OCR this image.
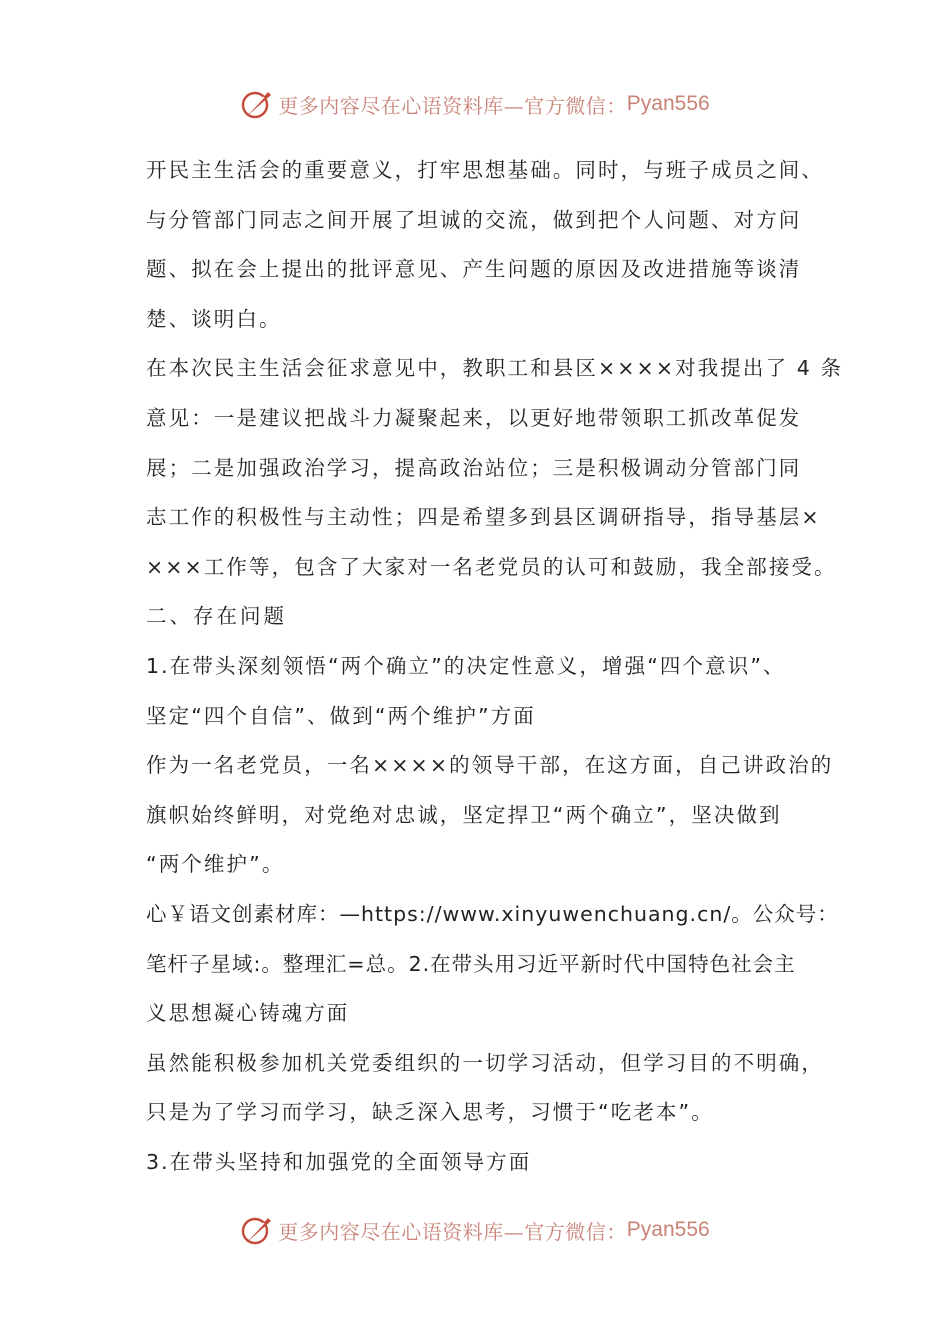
更多内容尽在心语资料库—官方微信： Pyan556
开民主生活会的重要意义，打牢思想基础。同时，与班子成员之间、
与分管部门同志之间开展了坦诚的交流，做到把个人问题、对方问
题、拟在会上提出的批评意见、产生问题的原因及改进措施等谈清
楚、谈明白。
在本次民主生活会征求意见中，教职工和县区××××对我提出了 4 条
意见：一是建议把战斗力凝聚起来，以更好地带领职工抓改革促发
展；二是加强政治学习，提高政治站位；三是积极调动分管部门同
志工作的积极性与主动性；四是希望多到县区调研指导，指导基层×
×××工作等，包含了大家对一名老党员的认可和鼓励，我全部接受。
二、存在问题
1.在带头深刻领悟“两个确立”的决定性意义，增强“四个意识”、
坚定“四个自信”、做到“两个维护”方面
作为一名老党员，一名××××的领导干部，在这方面，自己讲政治的
旗帜始终鲜明，对党绝对忠诚，坚定捍卫“两个确立”，坚决做到
“两个维护”。
心￥语文创素材库：—https://www.xinyuwenchuang.cn/。公众号：
笔杆子星域:。整理汇=总。2.在带头用习近平新时代中国特色社会主
义思想凝心铸魂方面
虽然能积极参加机关党委组织的一切学习活动，但学习目的不明确，
只是为了学习而学习，缺乏深入思考，习惯于“吃老本”。
3.在带头坚持和加强党的全面领导方面
更多内容尽在心语资料库—官方微信： Pyan556
